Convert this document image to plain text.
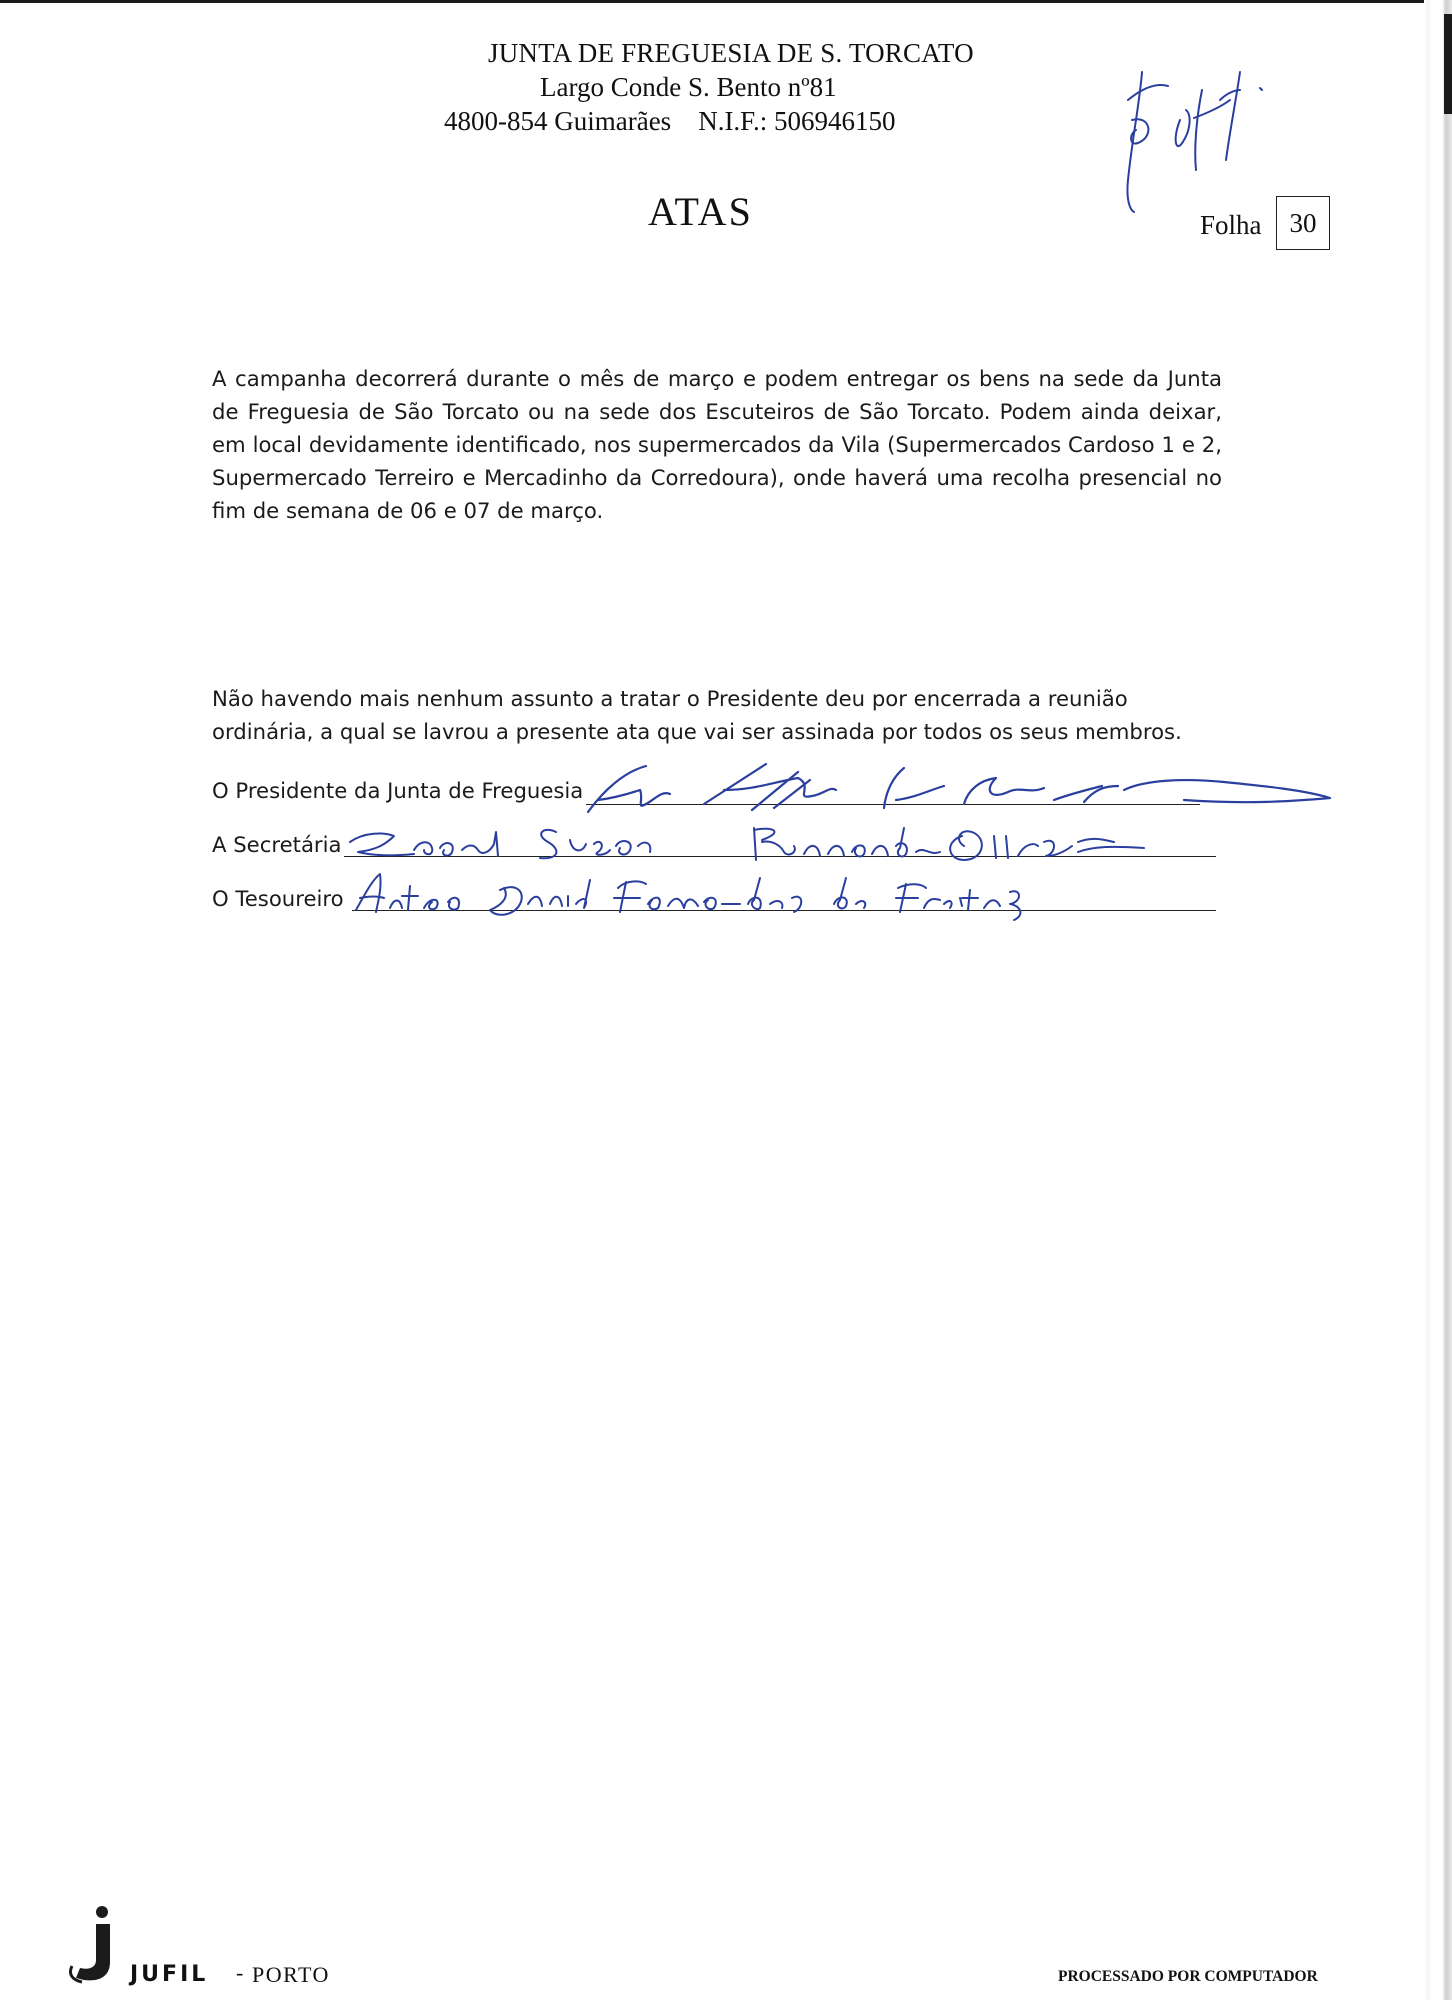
JUNTA DE FREGUESIA DE S. TORCATO
Largo Conde S. Bento nº81
4800-854 Guimarães    N.I.F.: 506946150
ATAS	Folha	30
A campanha decorrerá durante o mês de março e podem entregar os bens na sede da Junta de Freguesia de São Torcato ou na sede dos Escuteiros de São Torcato. Podem ainda deixar, em local devidamente identificado, nos supermercados da Vila (Supermercados Cardoso 1 e 2, Supermercado Terreiro e Mercadinho da Corredoura), onde haverá uma recolha presencial no fim de semana de 06 e 07 de março.
Não havendo mais nenhum assunto a tratar o Presidente deu por encerrada a reunião ordinária, a qual se lavrou a presente ata que vai ser assinada por todos os seus membros.
O Presidente da Junta de Freguesia
A Secretária
O Tesoureiro
JUFIL - PORTO	PROCESSADO POR COMPUTADOR
